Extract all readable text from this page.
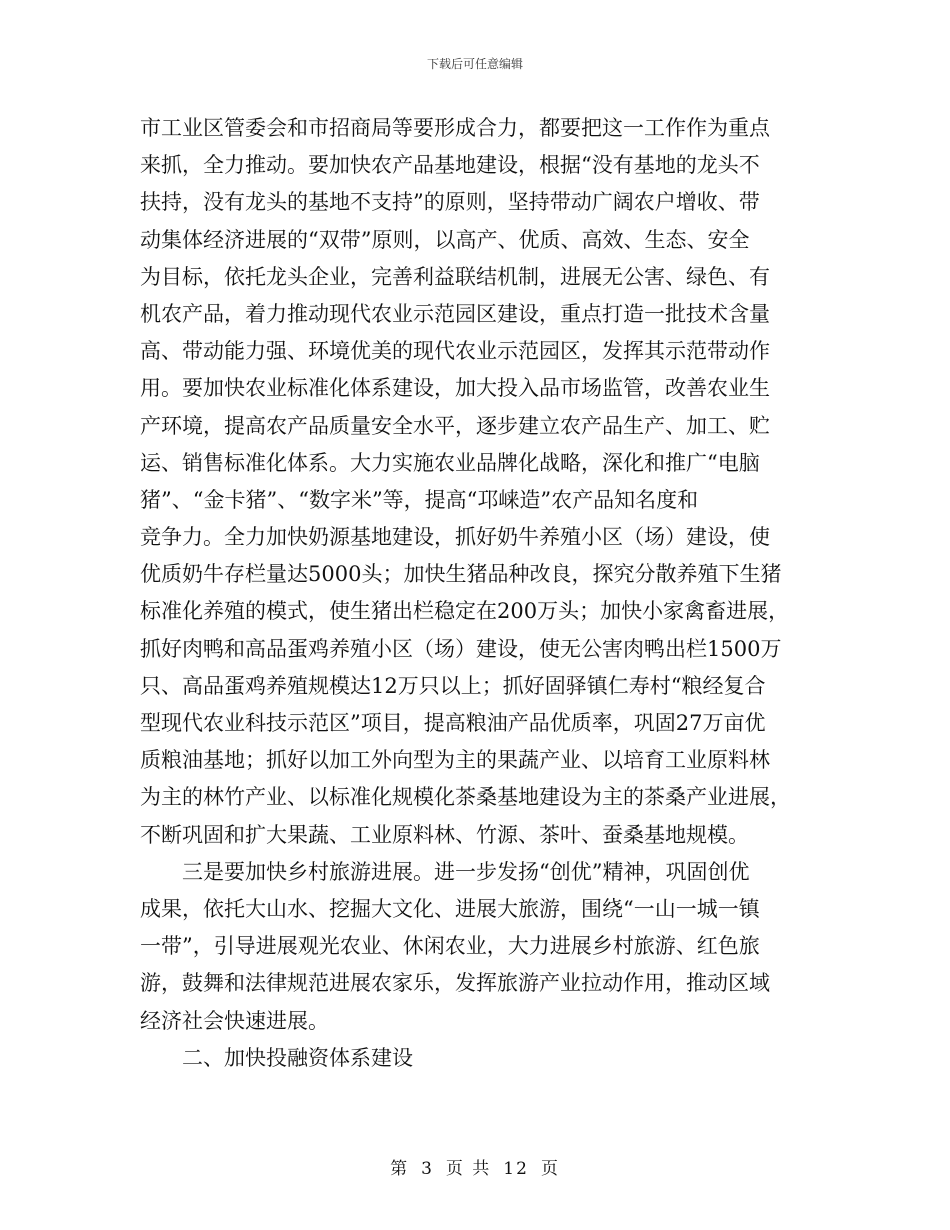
下载后可任意编辑
市工业区管委会和市招商局等要形成合力，都要把这一工作作为重点
来抓，全力推动。要加快农产品基地建设，根据“没有基地的龙头不
扶持，没有龙头的基地不支持”的原则，坚持带动广阔农户增收、带
动集体经济进展的“双带”原则，以高产、优质、高效、生态、安全
为目标，依托龙头企业，完善利益联结机制，进展无公害、绿色、有
机农产品，着力推动现代农业示范园区建设，重点打造一批技术含量
高、带动能力强、环境优美的现代农业示范园区，发挥其示范带动作
用。要加快农业标准化体系建设，加大投入品市场监管，改善农业生
产环境，提高农产品质量安全水平，逐步建立农产品生产、加工、贮
运、销售标准化体系。大力实施农业品牌化战略，深化和推广“电脑
猪”、“金卡猪”、“数字米”等，提高“邛崃造”农产品知名度和
竞争力。全力加快奶源基地建设，抓好奶牛养殖小区（场）建设，使
优质奶牛存栏量达5000头；加快生猪品种改良，探究分散养殖下生猪
标准化养殖的模式，使生猪出栏稳定在200万头；加快小家禽畜进展，
抓好肉鸭和高品蛋鸡养殖小区（场）建设，使无公害肉鸭出栏1500万
只、高品蛋鸡养殖规模达12万只以上；抓好固驿镇仁寿村“粮经复合
型现代农业科技示范区”项目，提高粮油产品优质率，巩固27万亩优
质粮油基地；抓好以加工外向型为主的果蔬产业、以培育工业原料林
为主的林竹产业、以标准化规模化茶桑基地建设为主的茶桑产业进展，
不断巩固和扩大果蔬、工业原料林、竹源、茶叶、蚕桑基地规模。
　　三是要加快乡村旅游进展。进一步发扬“创优”精神，巩固创优
成果，依托大山水、挖掘大文化、进展大旅游，围绕“一山一城一镇
一带”，引导进展观光农业、休闲农业，大力进展乡村旅游、红色旅
游，鼓舞和法律规范进展农家乐，发挥旅游产业拉动作用，推动区域
经济社会快速进展。
　　二、加快投融资体系建设
第 3 页 共 12 页
